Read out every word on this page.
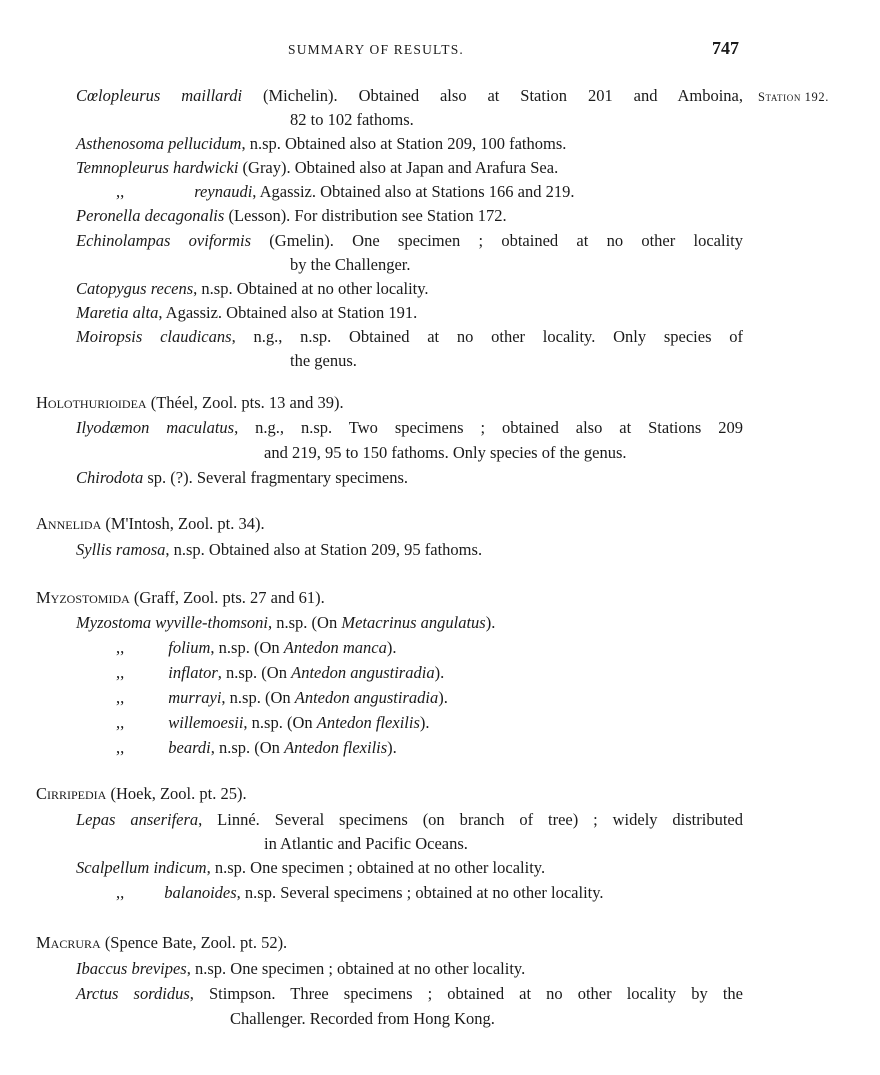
SUMMARY OF RESULTS.	747
Station 192.
Cœlopleurus maillardi (Michelin). Obtained also at Station 201 and Amboina,
82 to 102 fathoms.
Asthenosoma pellucidum, n.sp. Obtained also at Station 209, 100 fathoms.
Temnopleurus hardwicki (Gray). Obtained also at Japan and Arafura Sea.
,,	reynaudi, Agassiz. Obtained also at Stations 166 and 219.
Peronella decagonalis (Lesson). For distribution see Station 172.
Echinolampas oviformis (Gmelin). One specimen ; obtained at no other locality
by the Challenger.
Catopygus recens, n.sp. Obtained at no other locality.
Maretia alta, Agassiz. Obtained also at Station 191.
Moiropsis claudicans, n.g., n.sp. Obtained at no other locality. Only species of
the genus.
Holothurioidea (Théel, Zool. pts. 13 and 39).
Ilyodæmon maculatus, n.g., n.sp. Two specimens ; obtained also at Stations 209
and 219, 95 to 150 fathoms. Only species of the genus.
Chirodota sp. (?). Several fragmentary specimens.
Annelida (M'Intosh, Zool. pt. 34).
Syllis ramosa, n.sp. Obtained also at Station 209, 95 fathoms.
Myzostomida (Graff, Zool. pts. 27 and 61).
Myzostoma wyville-thomsoni, n.sp. (On Metacrinus angulatus).
,,	folium, n.sp. (On Antedon manca).
,,	inflator, n.sp. (On Antedon angustiradia).
,,	murrayi, n.sp. (On Antedon angustiradia).
,,	willemoesii, n.sp. (On Antedon flexilis).
,,	beardi, n.sp. (On Antedon flexilis).
Cirripedia (Hoek, Zool. pt. 25).
Lepas anserifera, Linné. Several specimens (on branch of tree) ; widely distributed
in Atlantic and Pacific Oceans.
Scalpellum indicum, n.sp. One specimen ; obtained at no other locality.
,, balanoides, n.sp. Several specimens ; obtained at no other locality.
Macrura (Spence Bate, Zool. pt. 52).
Ibaccus brevipes, n.sp. One specimen ; obtained at no other locality.
Arctus sordidus, Stimpson. Three specimens ; obtained at no other locality by the
Challenger. Recorded from Hong Kong.
